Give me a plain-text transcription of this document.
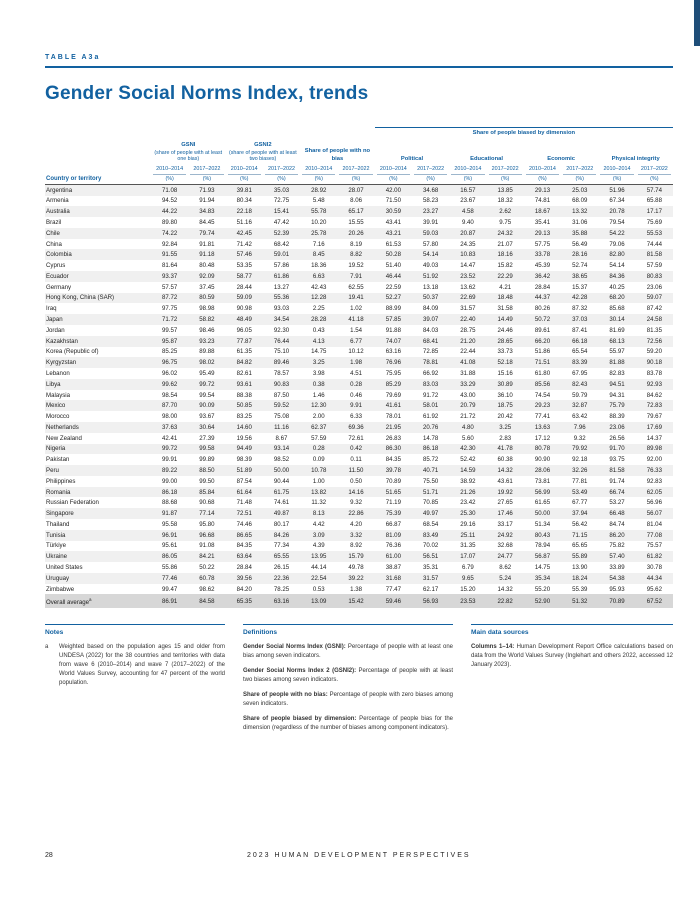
TABLE A3a
Gender Social Norms Index, trends
							Share of people biased by dimension							

	GSNI
(share of people with at least one bias)		GSNI2
(share of people with at least two biases)		Share of people with no bias		Political		Educational		Economic		Physical integrity	

	2010–2014	2017–2022	2010–2014	2017–2022	2010–2014	2017–2022	2010–2014	2017–2022	2010–2014	2017–2022	2010–2014	2017–2022	2010–2014	2017–2022

Country or territory	(%)	(%)	(%)	(%)	(%)	(%)	(%)	(%)	(%)	(%)	(%)	(%)	(%)	(%)
Argentina	71.08	71.93	39.81	35.03	28.92	28.07	42.00	34.68	16.57	13.85	29.13	25.03	51.96	57.74
Armenia	94.52	91.94	80.34	72.75	5.48	8.06	71.50	58.23	23.67	18.32	74.81	68.09	67.34	65.88
Australia	44.22	34.83	22.18	15.41	55.78	65.17	30.59	23.27	4.58	2.62	18.67	13.32	20.78	17.17
Brazil	89.80	84.45	51.16	47.42	10.20	15.55	43.41	39.91	9.40	9.75	35.41	31.06	79.54	75.69
Chile	74.22	79.74	42.45	52.39	25.78	20.26	43.21	59.03	20.87	24.32	29.13	35.88	54.22	55.53
China	92.84	91.81	71.42	68.42	7.16	8.19	61.53	57.80	24.35	21.07	57.75	56.49	79.06	74.44
Colombia	91.55	91.18	57.46	59.01	8.45	8.82	50.28	54.14	10.83	18.16	33.78	28.16	82.80	81.58
Cyprus	81.64	80.48	53.35	57.86	18.36	19.52	51.40	49.03	14.47	15.82	45.39	52.74	54.14	57.59
Ecuador	93.37	92.09	58.77	61.86	6.63	7.91	46.44	51.92	23.52	22.29	36.42	38.65	84.36	80.83
Germany	57.57	37.45	28.44	13.27	42.43	62.55	22.59	13.18	13.62	4.21	28.84	15.37	40.25	23.06
Hong Kong, China (SAR)	87.72	80.59	59.09	55.36	12.28	19.41	52.27	50.37	22.69	18.48	44.37	42.28	68.20	59.07
Iraq	97.75	98.98	90.98	93.03	2.25	1.02	88.99	84.09	31.57	31.58	80.26	87.32	85.68	87.42
Japan	71.72	58.82	48.49	34.54	28.28	41.18	57.85	39.07	22.40	14.49	50.72	37.03	30.14	24.58
Jordan	99.57	98.46	96.05	92.30	0.43	1.54	91.88	84.03	28.75	24.46	89.61	87.41	81.69	81.35
Kazakhstan	95.87	93.23	77.87	76.44	4.13	6.77	74.07	68.41	21.20	28.65	66.20	66.18	68.13	72.56
Korea (Republic of)	85.25	89.88	61.35	75.10	14.75	10.12	63.16	72.85	22.44	33.73	51.86	65.54	55.97	59.20
Kyrgyzstan	96.75	98.02	84.82	89.46	3.25	1.98	76.96	78.81	41.08	52.18	71.51	83.39	81.88	90.18
Lebanon	96.02	95.49	82.61	78.57	3.98	4.51	75.95	66.92	31.88	15.16	61.80	67.95	82.83	83.78
Libya	99.62	99.72	93.61	90.83	0.38	0.28	85.29	83.03	33.29	30.89	85.56	82.43	94.51	92.93
Malaysia	98.54	99.54	88.38	87.50	1.46	0.46	79.69	91.72	43.00	36.10	74.54	59.79	94.31	84.62
Mexico	87.70	90.09	50.85	59.52	12.30	9.91	41.61	58.01	20.79	18.75	29.23	32.87	75.79	72.83
Morocco	98.00	93.67	83.25	75.08	2.00	6.33	78.01	61.92	21.72	20.42	77.41	63.42	88.39	79.67
Netherlands	37.63	30.64	14.60	11.16	62.37	69.36	21.95	20.76	4.80	3.25	13.63	7.96	23.06	17.69
New Zealand	42.41	27.39	19.56	8.67	57.59	72.61	26.83	14.78	5.60	2.83	17.12	9.32	26.56	14.37
Nigeria	99.72	99.58	94.49	93.14	0.28	0.42	86.30	86.18	42.30	41.78	80.78	79.92	91.70	89.98
Pakistan	99.91	99.89	98.39	98.52	0.09	0.11	84.35	85.72	52.42	60.38	90.90	92.18	93.75	92.00
Peru	89.22	88.50	51.89	50.00	10.78	11.50	39.78	40.71	14.59	14.32	28.06	32.26	81.58	76.33
Philippines	99.00	99.50	87.54	90.44	1.00	0.50	70.89	75.50	38.92	43.61	73.81	77.81	91.74	92.83
Romania	86.18	85.84	61.64	61.75	13.82	14.16	51.65	51.71	21.26	19.92	56.99	53.49	66.74	62.05
Russian Federation	88.68	90.68	71.48	74.61	11.32	9.32	71.19	70.85	23.42	27.65	61.65	67.77	53.27	56.96
Singapore	91.87	77.14	72.51	49.87	8.13	22.86	75.39	49.97	25.30	17.46	50.00	37.94	66.48	56.07
Thailand	95.58	95.80	74.46	80.17	4.42	4.20	66.87	68.54	29.16	33.17	51.34	56.42	84.74	81.04
Tunisia	96.91	96.68	86.65	84.26	3.09	3.32	81.09	83.49	25.11	24.92	80.43	71.15	86.20	77.08
Türkiye	95.61	91.08	84.35	77.34	4.39	8.92	76.36	70.02	31.35	32.68	78.94	65.65	75.82	75.57
Ukraine	86.05	84.21	63.64	65.55	13.95	15.79	61.00	56.51	17.07	24.77	56.87	55.89	57.40	61.82
United States	55.86	50.22	28.84	26.15	44.14	49.78	38.87	35.31	6.79	8.62	14.75	13.90	33.89	30.78
Uruguay	77.46	60.78	39.56	22.36	22.54	39.22	31.68	31.57	9.65	5.24	35.34	18.24	54.38	44.34
Zimbabwe	99.47	98.62	84.20	78.25	0.53	1.38	77.47	62.17	15.20	14.32	55.20	55.39	95.93	95.62
Overall average$^a$	86.91	84.58	65.35	63.16	13.09	15.42	59.46	56.93	23.53	22.82	52.90	51.32	70.89	67.52
Notes
a	Weighted based on the population ages 15 and older from UNDESA (2022) for the 38 countries and territories with data from wave 6 (2010–2014) and wave 7 (2017–2022) of the World Values Survey, accounting for 47 percent of the world population.
Definitions

Gender Social Norms Index (GSNI): Percentage of people with at least one bias among seven indicators.

Gender Social Norms Index 2 (GSNI2): Percentage of people with at least two biases among seven indicators.

Share of people with no bias: Percentage of people with zero biases among seven indicators.

Share of people biased by dimension: Percentage of people bias for the dimension (regardless of the number of biases among component indicators).

Main data sources
Columns 1–14: Human Development Report Office calculations based on data from the World Values Survey (Inglehart and others 2022, accessed 12 January 2023).
28	2023 HUMAN DEVELOPMENT PERSPECTIVES
